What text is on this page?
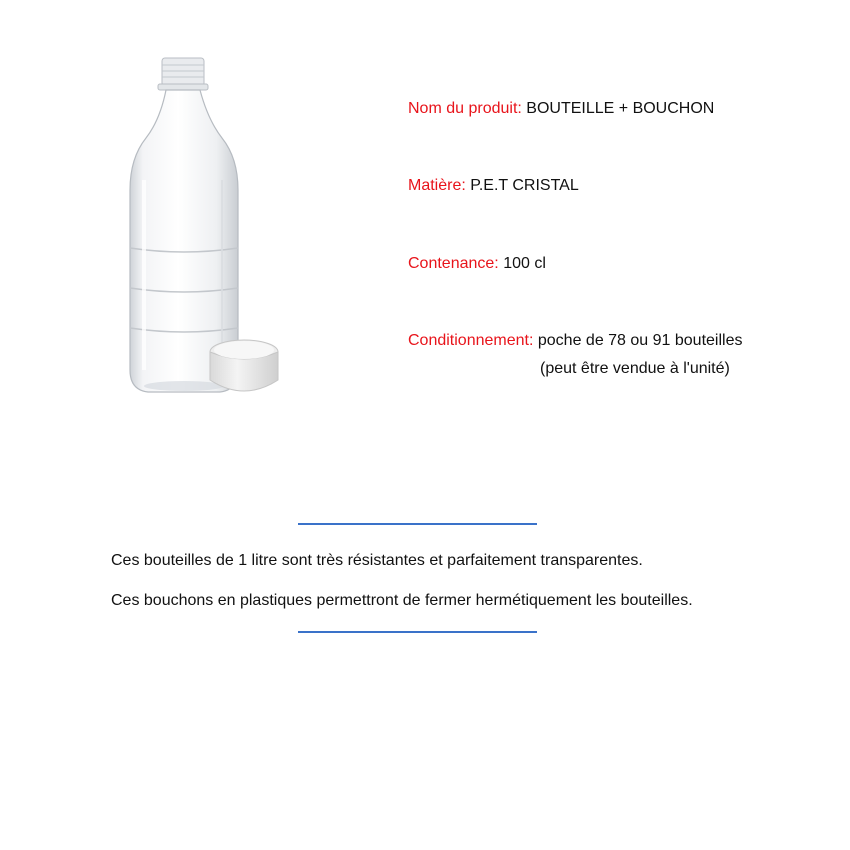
Nom du produit: BOUTEILLE + BOUCHON
Matière: P.E.T CRISTAL
Contenance: 100 cl
Conditionnement: poche de 78 ou 91 bouteilles
(peut être vendue à l'unité)
Ces bouteilles de 1 litre sont très résistantes et parfaitement transparentes.
Ces bouchons en plastiques permettront de fermer hermétiquement les bouteilles.
